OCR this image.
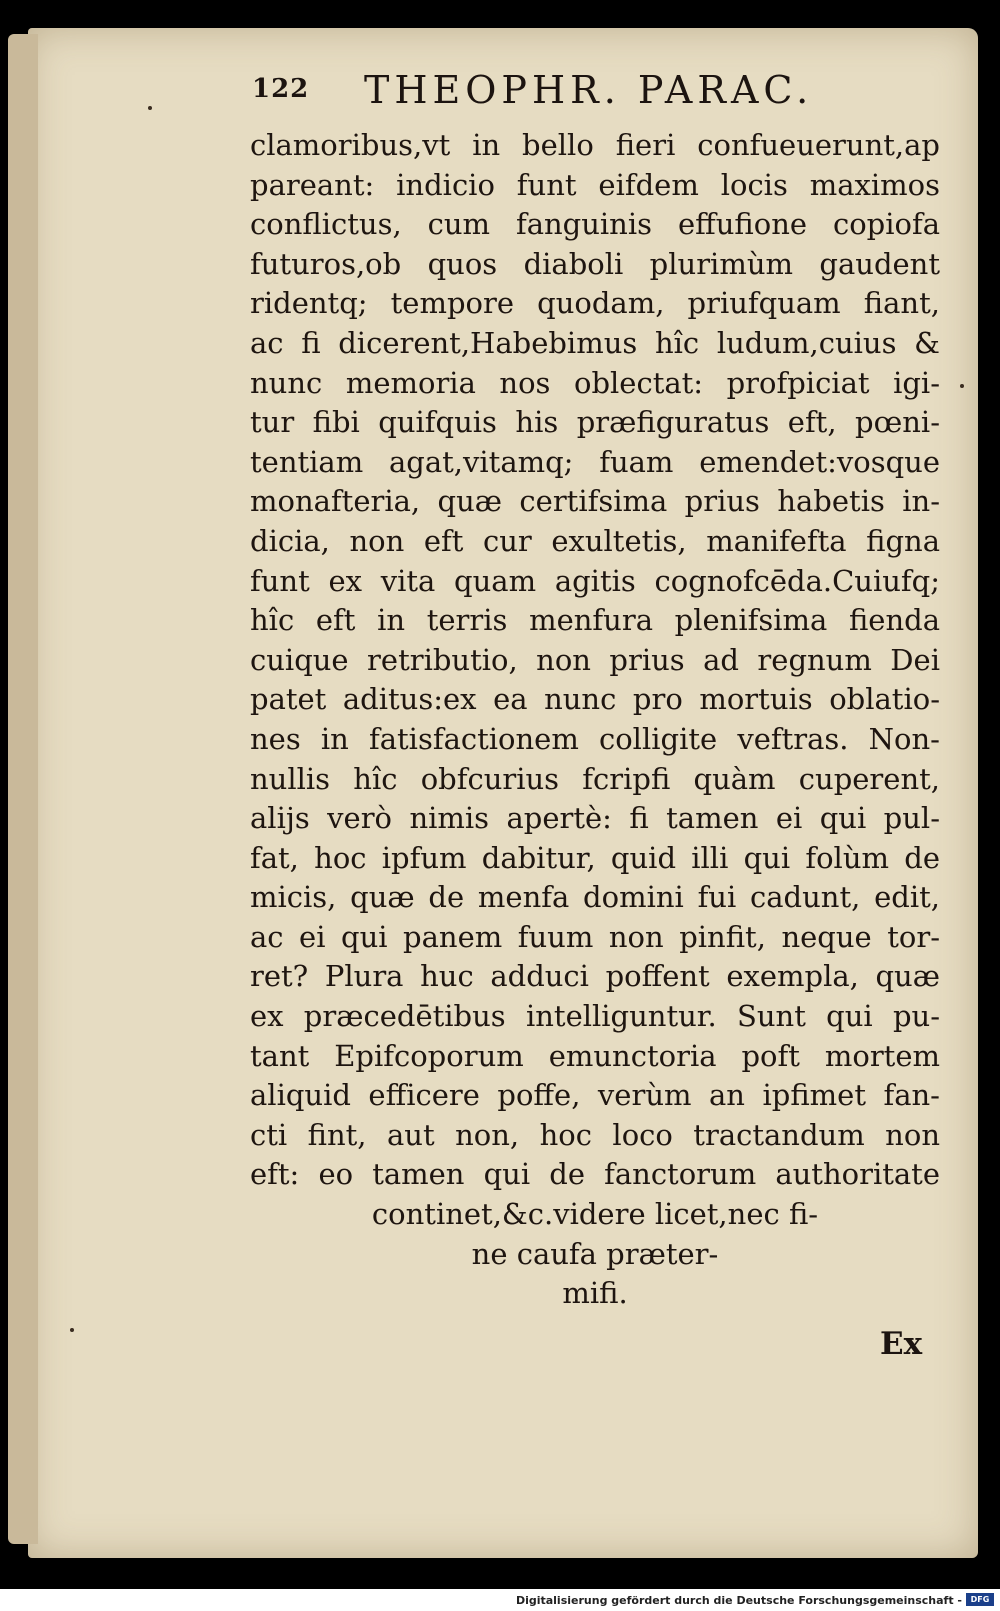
122 THEOPHR. PARAC.
clamoribus,vt in bello fieri confueuerunt,ap
pareant: indicio funt eifdem locis maximos
conflictus, cum fanguinis effufione copiofa
futuros,ob quos diaboli plurimùm gaudent
ridentq; tempore quodam, priufquam fiant,
ac fi dicerent,Habebimus hîc ludum,cuius &
nunc memoria nos oblectat: profpiciat igi-
tur fibi quifquis his præfiguratus eft, pœni-
tentiam agat,vitamq; fuam emendet:vosque
monafteria, quæ certifsima prius habetis in-
dicia, non eft cur exultetis, manifefta figna
funt ex vita quam agitis cognofcēda.Cuiufq;
hîc eft in terris menfura plenifsima fienda
cuique retributio, non prius ad regnum Dei
patet aditus:ex ea nunc pro mortuis oblatio-
nes in fatisfactionem colligite veftras. Non-
nullis hîc obfcurius fcripfi quàm cuperent,
alijs verò nimis apertè: fi tamen ei qui pul-
fat, hoc ipfum dabitur, quid illi qui folùm de
micis, quæ de menfa domini fui cadunt, edit,
ac ei qui panem fuum non pinfit, neque tor-
ret? Plura huc adduci poffent exempla, quæ
ex præcedētibus intelliguntur. Sunt qui pu-
tant Epifcoporum emunctoria poft mortem
aliquid efficere poffe, verùm an ipfimet fan-
cti fint, aut non, hoc loco tractandum non
eft: eo tamen qui de fanctorum authoritate
continet,&c.videre licet,nec fi-
ne caufa præter-
mifi.
Ex
Digitalisierung gefördert durch die Deutsche Forschungsgemeinschaft -	DFG
